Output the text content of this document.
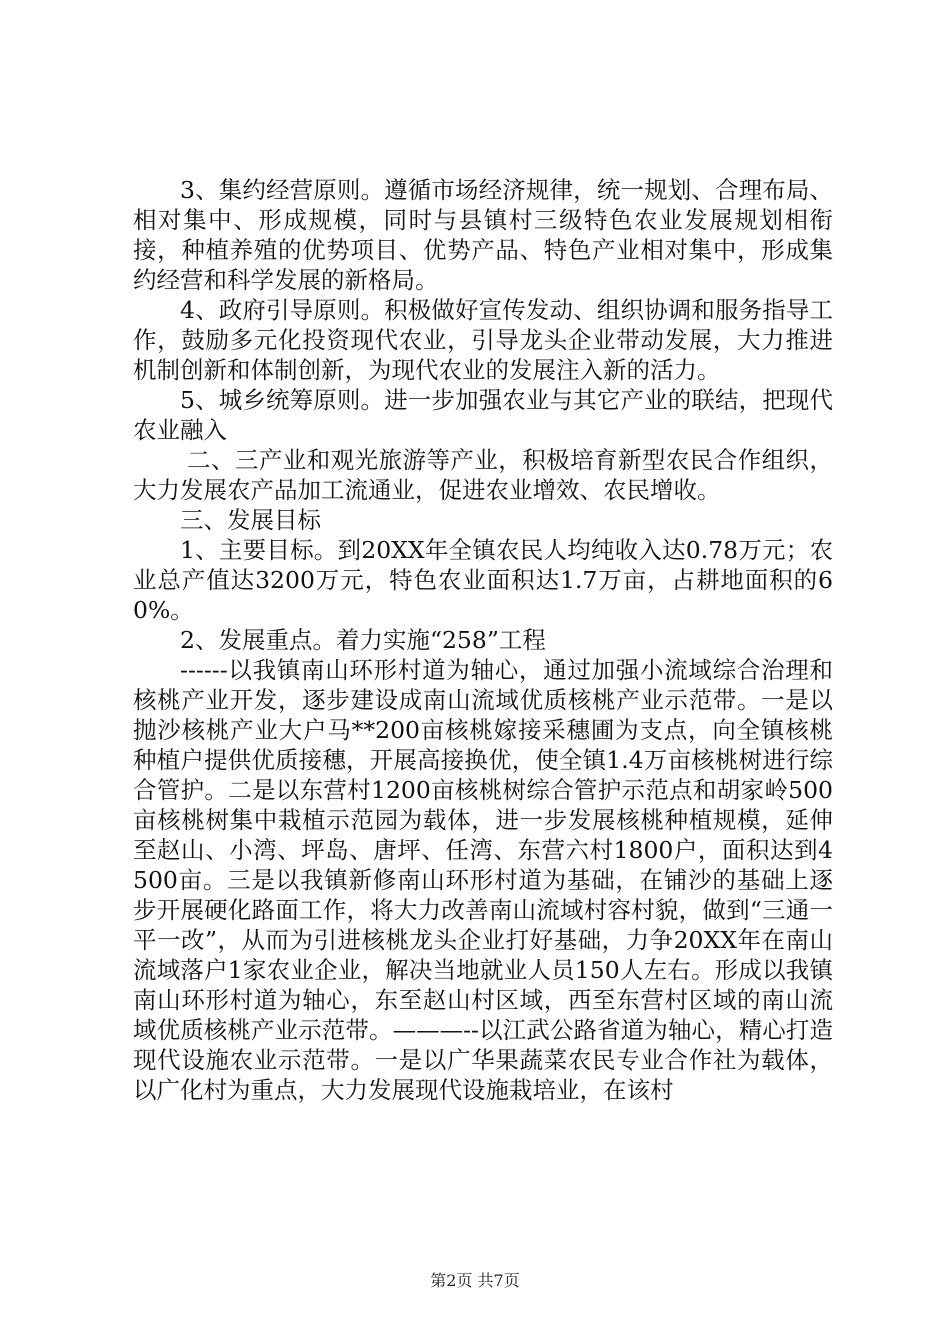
3、集约经营原则。遵循市场经济规律，统一规划、合理布局、相对集中、形成规模，同时与县镇村三级特色农业发展规划相衔接，种植养殖的优势项目、优势产品、特色产业相对集中，形成集约经营和科学发展的新格局。

4、政府引导原则。积极做好宣传发动、组织协调和服务指导工作，鼓励多元化投资现代农业，引导龙头企业带动发展，大力推进机制创新和体制创新，为现代农业的发展注入新的活力。

5、城乡统筹原则。进一步加强农业与其它产业的联结，把现代农业融入

二、三产业和观光旅游等产业，积极培育新型农民合作组织，大力发展农产品加工流通业，促进农业增效、农民增收。

三、发展目标

1、主要目标。到20XX年全镇农民人均纯收入达0.78万元；农业总产值达3200万元，特色农业面积达1.7万亩，占耕地面积的60%。

2、发展重点。着力实施“258”工程

------以我镇南山环形村道为轴心，通过加强小流域综合治理和核桃产业开发，逐步建设成南山流域优质核桃产业示范带。一是以抛沙核桃产业大户马**200亩核桃嫁接采穗圃为支点，向全镇核桃种植户提供优质接穗，开展高接换优，使全镇1.4万亩核桃树进行综合管护。二是以东营村1200亩核桃树综合管护示范点和胡家岭500亩核桃树集中栽植示范园为载体，进一步发展核桃种植规模，延伸至赵山、小湾、坪岛、唐坪、任湾、东营六村1800户，面积达到4500亩。三是以我镇新修南山环形村道为基础，在铺沙的基础上逐步开展硬化路面工作，将大力改善南山流域村容村貌，做到“三通一平一改”，从而为引进核桃龙头企业打好基础，力争20XX年在南山流域落户1家农业企业，解决当地就业人员150人左右。形成以我镇南山环形村道为轴心，东至赵山村区域，西至东营村区域的南山流域优质核桃产业示范带。———--以江武公路省道为轴心，精心打造现代设施农业示范带。一是以广华果蔬菜农民专业合作社为载体，以广化村为重点，大力发展现代设施栽培业，在该村

第2页 共7页
